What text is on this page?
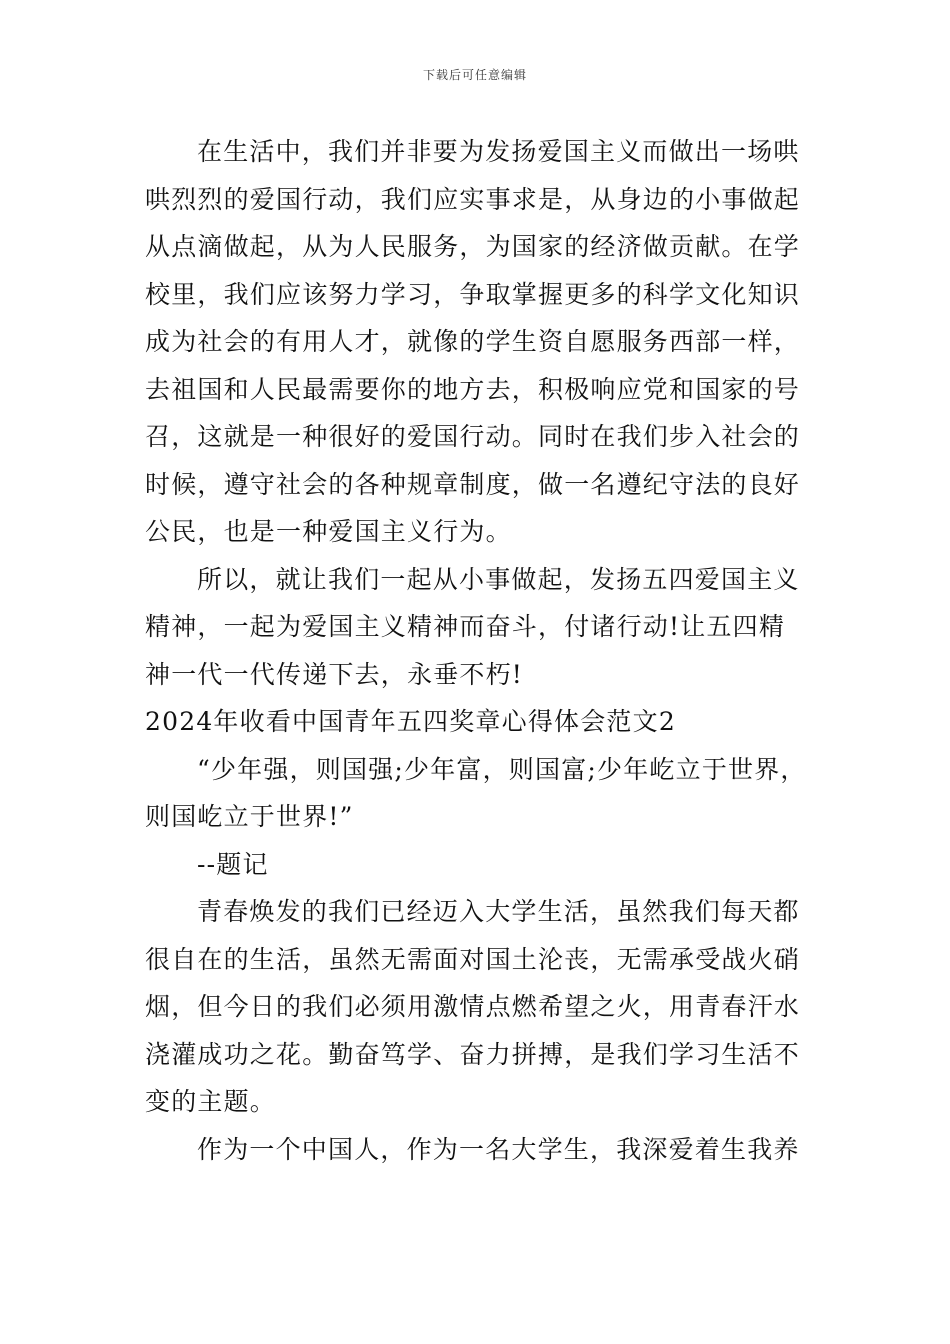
下载后可任意编辑

在生活中，我们并非要为发扬爱国主义而做出一场哄哄烈烈的爱国行动，我们应实事求是，从身边的小事做起从点滴做起，从为人民服务，为国家的经济做贡献。在学校里，我们应该努力学习，争取掌握更多的科学文化知识成为社会的有用人才，就像的学生资自愿服务西部一样，去祖国和人民最需要你的地方去，积极响应党和国家的号召，这就是一种很好的爱国行动。同时在我们步入社会的时候，遵守社会的各种规章制度，做一名遵纪守法的良好公民，也是一种爱国主义行为。

所以，就让我们一起从小事做起，发扬五四爱国主义精神，一起为爱国主义精神而奋斗，付诸行动!让五四精神一代一代传递下去，永垂不朽!

2024年收看中国青年五四奖章心得体会范文2

“少年强，则国强;少年富，则国富;少年屹立于世界，则国屹立于世界!”

--题记

青春焕发的我们已经迈入大学生活，虽然我们每天都很自在的生活，虽然无需面对国土沦丧，无需承受战火硝烟，但今日的我们必须用激情点燃希望之火，用青春汗水浇灌成功之花。勤奋笃学、奋力拼搏，是我们学习生活不变的主题。

作为一个中国人，作为一名大学生，我深爱着生我养
